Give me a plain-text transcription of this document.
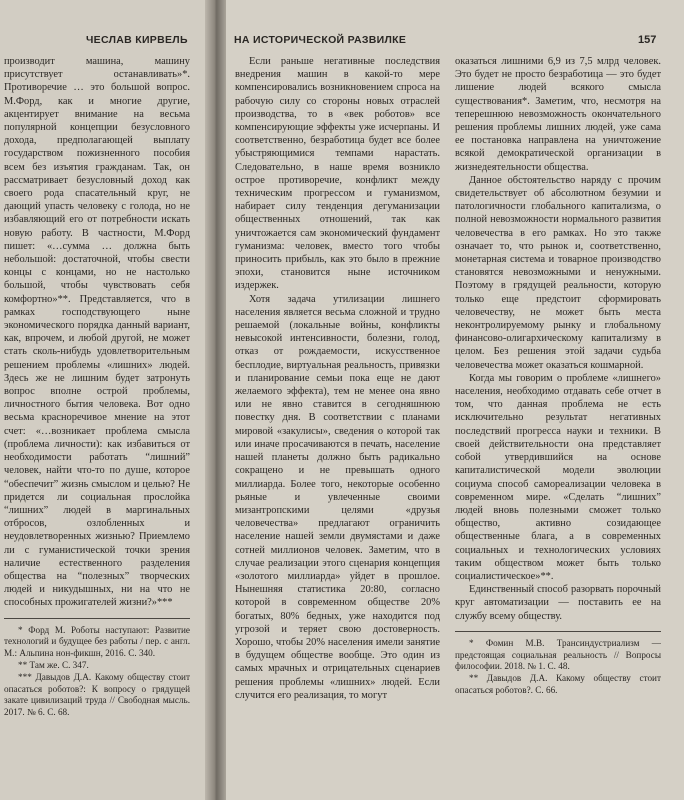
ЧЕСЛАВ КИРВЕЛЬ

производит машина, машину присутствует останавливать»*. Противоречие … это большой вопрос. М.Форд, как и многие другие, акцентирует внимание на весьма популярной концепции безусловного дохода, предполагающей выплату государством пожизненного пособия всем без изъятия гражданам. Так, он рассматривает безусловный доход как своего рода спасательный круг, не дающий упасть человеку с голода, но не избавляющий его от потребности искать новую работу. В частности, М.Форд пишет: «…сумма … должна быть небольшой: достаточной, чтобы свести концы с концами, но не настолько большой, чтобы чувствовать себя комфортно»**. Представляется, что в рамках господствующего ныне экономического порядка данный вариант, как, впрочем, и любой другой, не может стать сколь-нибудь удовлетворительным решением проблемы «лишних» людей. Здесь же не лишним будет затронуть вопрос вполне острой проблемы, личностного бытия человека. Вот одно весьма красноречивое мнение на этот счет: «…возникает проблема смысла (проблема личности): как избавиться от необходимости работать “лишний” человек, найти что-то по душе, которое “обеспечит” жизнь смыслом и целью? Не придется ли социальная прослойка “лишних” людей в маргинальных отбросов, озлобленных и неудовлетворенных жизнью? Приемлемо ли с гуманистической точки зрения наличие естественного разделения общества на “полезных” творческих людей и никудышных, ни на что не способных прожигателей жизни?»***

* Форд М. Роботы наступают: Развитие технологий и будущее без работы / пер. с англ. М.: Альпина нон-фикшн, 2016. С. 340.

** Там же. С. 347.

*** Давыдов Д.А. Какому обществу стоит опасаться роботов?: К вопросу о грядущей закате цивилизаций труда // Свободная мысль. 2017. № 6. С. 68.

НА ИСТОРИЧЕСКОЙ РАЗВИЛКЕ	157

Если раньше негативные последствия внедрения машин в какой-то мере компенсировались возникновением спроса на рабочую силу со стороны новых отраслей производства, то в «век роботов» все компенсирующие эффекты уже исчерпаны. И соответственно, безработица будет все более убыстряющимися темпами нарастать. Следовательно, в наше время возникло острое противоречие, конфликт между техническим прогрессом и гуманизмом, набирает силу тенденция дегуманизации общественных отношений, так как уничтожается сам экономический фундамент гуманизма: человек, вместо того чтобы приносить прибыль, как это было в прежние эпохи, становится ныне источником издержек.

Хотя задача утилизации лишнего населения является весьма сложной и трудно решаемой (локальные войны, конфликты невысокой интенсивности, болезни, голод, отказ от рождаемости, искусственное бесплодие, виртуальная реальность, привязки и планирование семьи пока еще не дают желаемого эффекта), тем не менее она явно или не явно ставится в сегодняшнюю повестку дня. В соответствии с планами мировой «закулисы», сведения о которой так или иначе просачиваются в печать, население нашей планеты должно быть радикально сокращено и не превышать одного миллиарда. Более того, некоторые особенно рьяные и увлеченные своими мизантропскими целями «друзья человечества» предлагают ограничить население нашей земли двумястами и даже сотней миллионов человек. Заметим, что в случае реализации этого сценария концепция «золотого миллиарда» уйдет в прошлое. Нынешняя статистика 20:80, согласно которой в современном обществе 20% богатых, 80% бедных, уже находится под угрозой и теряет свою достоверность. Хорошо, чтобы 20% населения имели занятие в будущем обществе вообще. Это один из самых мрачных и отрицательных сценариев решения проблемы «лишних» людей. Если случится его реализация, то могут

оказаться лишними 6,9 из 7,5 млрд человек. Это будет не просто безработица — это будет лишение людей всякого смысла существования*. Заметим, что, несмотря на теперешнюю невозможность окончательного решения проблемы лишних людей, уже сама ее постановка направлена на уничтожение всякой демократической организации в жизнедеятельности общества.

Данное обстоятельство наряду с прочим свидетельствует об абсолютном безумии и патологичности глобального капитализма, о полной невозможности нормального развития человечества в его рамках. Но это также означает то, что рынок и, соответственно, монетарная система и товарное производство становятся невозможными и ненужными. Поэтому в грядущей реальности, которую только еще предстоит сформировать человечеству, не может быть места неконтролируемому рынку и глобальному финансово-олигархическому капитализму в целом. Без решения этой задачи судьба человечества может оказаться кошмарной.

Когда мы говорим о проблеме «лишнего» населения, необходимо отдавать себе отчет в том, что данная проблема не есть исключительно результат негативных последствий прогресса науки и техники. В своей действительности она представляет собой утвердившийся на основе капиталистической модели эволюции социума способ самореализации человека в современном мире. «Сделать “лишних” людей вновь полезными сможет только общество, активно созидающее общественные блага, а в современных социальных и технологических условиях таким обществом может быть только социалистическое»**.

Единственный способ разорвать порочный круг автоматизации — поставить ее на службу всему обществу.

* Фомин М.В. Трансиндустриализм — предстоящая социальная реальность // Вопросы философии. 2018. № 1. С. 48.

** Давыдов Д.А. Какому обществу стоит опасаться роботов?. С. 66.
